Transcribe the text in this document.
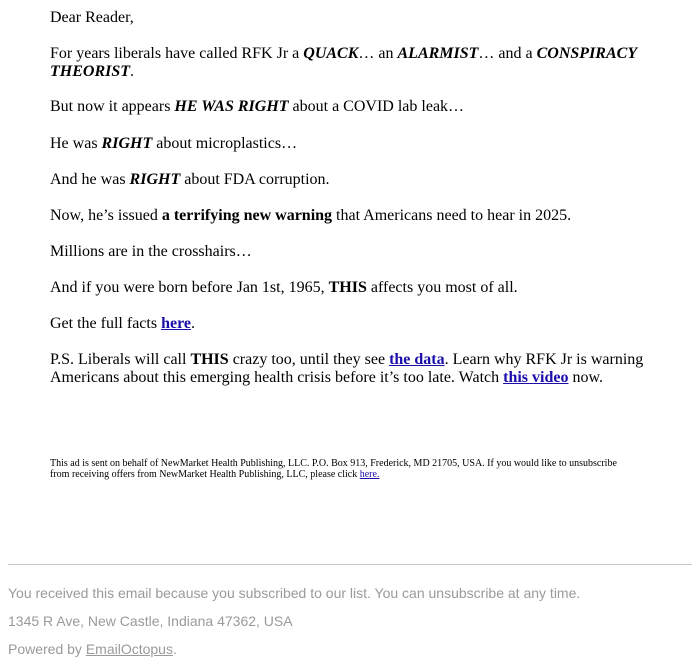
Dear Reader,

For years liberals have called RFK Jr a QUACK… an ALARMIST… and a CONSPIRACY THEORIST.

But now it appears HE WAS RIGHT about a COVID lab leak…

He was RIGHT about microplastics…

And he was RIGHT about FDA corruption.

Now, he’s issued a terrifying new warning that Americans need to hear in 2025.

Millions are in the crosshairs…

And if you were born before Jan 1st, 1965, THIS affects you most of all.

Get the full facts here.

P.S. Liberals will call THIS crazy too, until they see the data. Learn why RFK Jr is warning Americans about this emerging health crisis before it’s too late. Watch this video now.

This ad is sent on behalf of NewMarket Health Publishing, LLC. P.O. Box 913, Frederick, MD 21705, USA. If you would like to unsubscribe from receiving offers from NewMarket Health Publishing, LLC, please click here.
You received this email because you subscribed to our list. You can unsubscribe at any time.
1345 R Ave, New Castle, Indiana 47362, USA
Powered by EmailOctopus.
